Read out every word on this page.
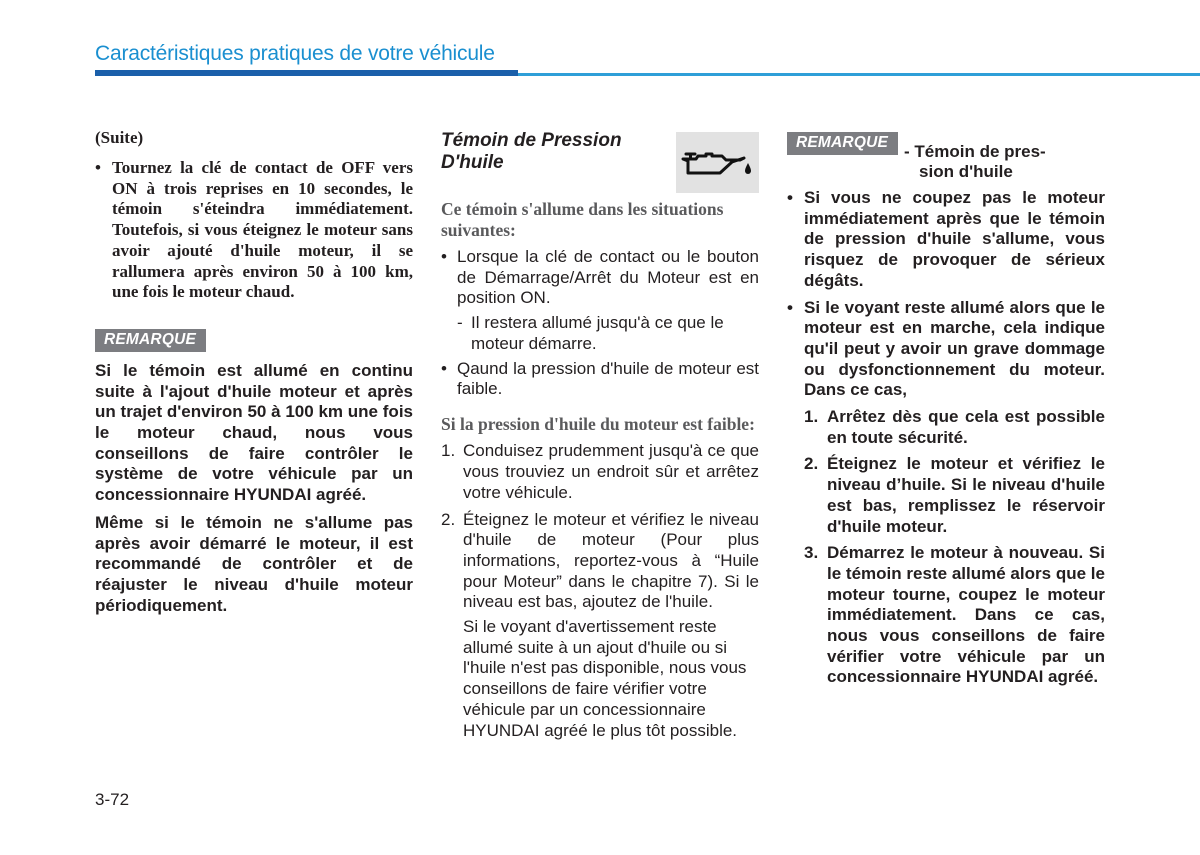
Caractéristiques pratiques de votre véhicule
(Suite)
• Tournez la clé de contact de OFF vers ON à trois reprises en 10 secondes, le témoin s'éteindra immédiatement. Toutefois, si vous éteignez le moteur sans avoir ajouté d'huile moteur, il se rallumera après environ 50 à 100 km, une fois le moteur chaud.
REMARQUE
Si le témoin est allumé en continu suite à l'ajout d'huile moteur et après un trajet d'environ 50 à 100 km une fois le moteur chaud, nous vous conseillons de faire contrôler le système de votre véhicule par un concessionnaire HYUNDAI agréé.
Même si le témoin ne s'allume pas après avoir démarré le moteur, il est recommandé de contrôler et de réajuster le niveau d'huile moteur périodiquement.
Témoin de Pression D'huile
Ce témoin s'allume dans les situations suivantes:
• Lorsque la clé de contact ou le bouton de Démarrage/Arrêt du Moteur est en position ON.
- Il restera allumé jusqu'à ce que le moteur démarre.
• Qaund la pression d'huile de moteur est faible.
Si la pression d'huile du moteur est faible:
1. Conduisez prudemment jusqu'à ce que vous trouviez un endroit sûr et arrêtez votre véhicule.
2. Éteignez le moteur et vérifiez le niveau d'huile de moteur (Pour plus informations, reportez-vous à “Huile pour Moteur” dans le chapitre 7). Si le niveau est bas, ajoutez de l'huile.
Si le voyant d'avertissement reste allumé suite à un ajout d'huile ou si l'huile n'est pas disponible, nous vous conseillons de faire vérifier votre véhicule par un concessionnaire HYUNDAI agréé le plus tôt possible.
REMARQUE - Témoin de pres-
sion d'huile
• Si vous ne coupez pas le moteur immédiatement après que le témoin de pression d'huile s'allume, vous risquez de provoquer de sérieux dégâts.
• Si le voyant reste allumé alors que le moteur est en marche, cela indique qu'il peut y avoir un grave dommage ou dysfonctionnement du moteur. Dans ce cas,
1. Arrêtez dès que cela est possible en toute sécurité.
2. Éteignez le moteur et vérifiez le niveau d’huile. Si le niveau d'huile est bas, remplissez le réservoir d'huile moteur.
3. Démarrez le moteur à nouveau. Si le témoin reste allumé alors que le moteur tourne, coupez le moteur immédiatement. Dans ce cas, nous vous conseillons de faire vérifier votre véhicule par un concessionnaire HYUNDAI agréé.
3-72
